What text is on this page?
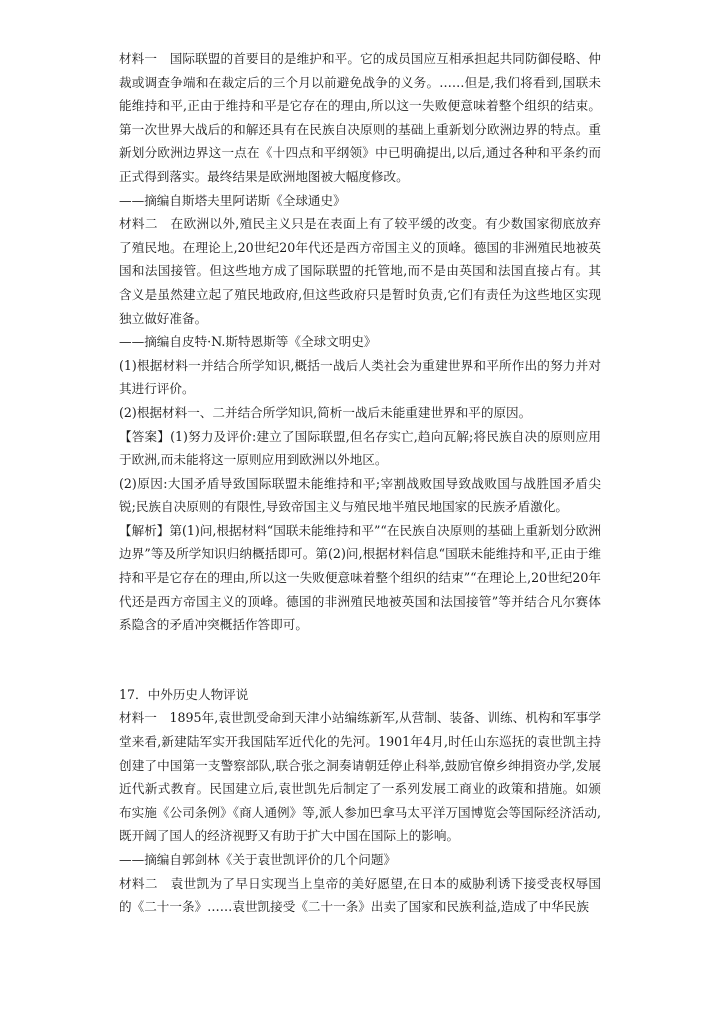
材料一　国际联盟的首要目的是维护和平。它的成员国应互相承担起共同防御侵略、仲裁或调查争端和在裁定后的三个月以前避免战争的义务。……但是,我们将看到,国联未能维持和平,正由于维持和平是它存在的理由,所以这一失败便意味着整个组织的结束。第一次世界大战后的和解还具有在民族自决原则的基础上重新划分欧洲边界的特点。重新划分欧洲边界这一点在《十四点和平纲领》中已明确提出,以后,通过各种和平条约而正式得到落实。最终结果是欧洲地图被大幅度修改。

——摘编自斯塔夫里阿诺斯《全球通史》

材料二　在欧洲以外,殖民主义只是在表面上有了较平缓的改变。有少数国家彻底放弃了殖民地。在理论上,20世纪20年代还是西方帝国主义的顶峰。德国的非洲殖民地被英国和法国接管。但这些地方成了国际联盟的托管地,而不是由英国和法国直接占有。其含义是虽然建立起了殖民地政府,但这些政府只是暂时负责,它们有责任为这些地区实现独立做好准备。

——摘编自皮特·N.斯特恩斯等《全球文明史》

(1)根据材料一并结合所学知识,概括一战后人类社会为重建世界和平所作出的努力并对其进行评价。

(2)根据材料一、二并结合所学知识,简析一战后未能重建世界和平的原因。

【答案】(1)努力及评价:建立了国际联盟,但名存实亡,趋向瓦解;将民族自决的原则应用于欧洲,而未能将这一原则应用到欧洲以外地区。

(2)原因:大国矛盾导致国际联盟未能维持和平;宰割战败国导致战败国与战胜国矛盾尖锐;民族自决原则的有限性,导致帝国主义与殖民地半殖民地国家的民族矛盾激化。

【解析】第(1)问,根据材料“国联未能维持和平”“在民族自决原则的基础上重新划分欧洲边界”等及所学知识归纳概括即可。第(2)问,根据材料信息“国联未能维持和平,正由于维持和平是它存在的理由,所以这一失败便意味着整个组织的结束”“在理论上,20世纪20年代还是西方帝国主义的顶峰。德国的非洲殖民地被英国和法国接管”等并结合凡尔赛体系隐含的矛盾冲突概括作答即可。

17．中外历史人物评说

材料一　1895年,袁世凯受命到天津小站编练新军,从营制、装备、训练、机构和军事学堂来看,新建陆军实开我国陆军近代化的先河。1901年4月,时任山东巡抚的袁世凯主持创建了中国第一支警察部队,联合张之洞奏请朝廷停止科举,鼓励官僚乡绅捐资办学,发展近代新式教育。民国建立后,袁世凯先后制定了一系列发展工商业的政策和措施。如颁布实施《公司条例》《商人通例》等,派人参加巴拿马太平洋万国博览会等国际经济活动,既开阔了国人的经济视野又有助于扩大中国在国际上的影响。

——摘编自郭剑林《关于袁世凯评价的几个问题》

材料二　袁世凯为了早日实现当上皇帝的美好愿望,在日本的威胁利诱下接受丧权辱国的《二十一条》……袁世凯接受《二十一条》出卖了国家和民族利益,造成了中华民族
